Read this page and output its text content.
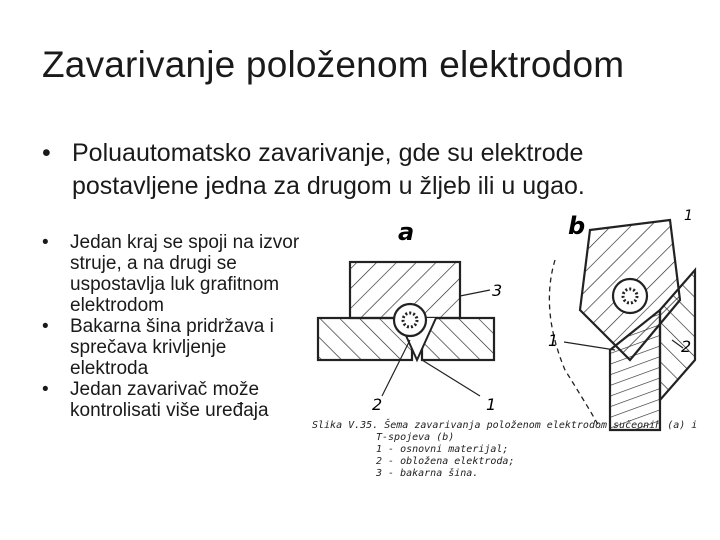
Zavarivanje položenom elektrodom
• Poluautomatsko zavarivanje, gde su elektrode postavljene jedna za drugom u žljeb ili u ugao.
• Jedan kraj se spoji na izvor struje, a na drugi se uspostavlja luk grafitnom elektrodom
• Bakarna šina pridržava i sprečava krivljenje elektroda
• Jedan zavarivač može kontrolisati više uređaja
a
3
2	1
b
1	2
1
Slika V.35. Šema zavarivanja položenom elektrodom sučeonih (a) i
T-spojeva (b)
1 - osnovni materijal;
2 - obložena elektroda;
3 - bakarna šina.
